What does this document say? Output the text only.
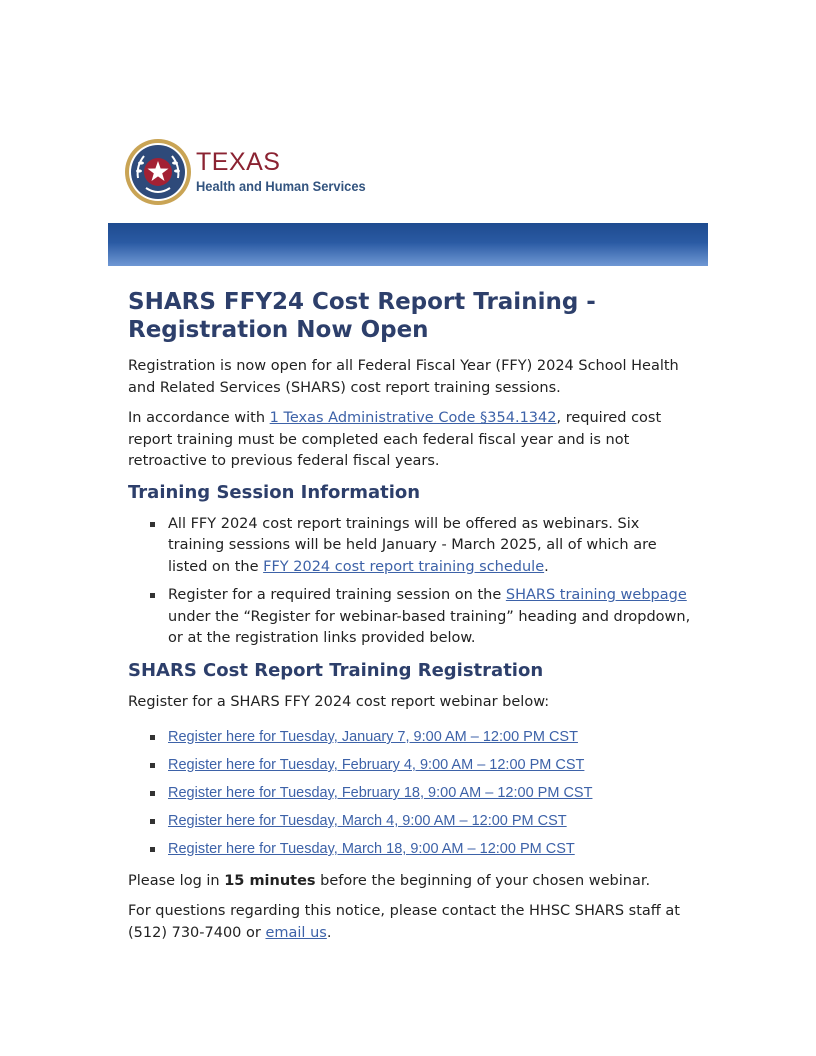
TEXAS
Health and Human Services
SHARS FFY24 Cost Report Training - Registration Now Open

Registration is now open for all Federal Fiscal Year (FFY) 2024 School Health and Related Services (SHARS) cost report training sessions.

In accordance with 1 Texas Administrative Code §354.1342, required cost report training must be completed each federal fiscal year and is not retroactive to previous federal fiscal years.

Training Session Information
All FFY 2024 cost report trainings will be offered as webinars. Six training sessions will be held January - March 2025, all of which are listed on the FFY 2024 cost report training schedule.
Register for a required training session on the SHARS training webpage under the “Register for webinar-based training” heading and dropdown, or at the registration links provided below.
SHARS Cost Report Training Registration

Register for a SHARS FFY 2024 cost report webinar below:

Register here for Tuesday, January 7, 9:00 AM – 12:00 PM CST
Register here for Tuesday, February 4, 9:00 AM – 12:00 PM CST
Register here for Tuesday, February 18, 9:00 AM – 12:00 PM CST
Register here for Tuesday, March 4, 9:00 AM – 12:00 PM CST
Register here for Tuesday, March 18, 9:00 AM – 12:00 PM CST

Please log in 15 minutes before the beginning of your chosen webinar.

For questions regarding this notice, please contact the HHSC SHARS staff at (512) 730-7400 or email us.
